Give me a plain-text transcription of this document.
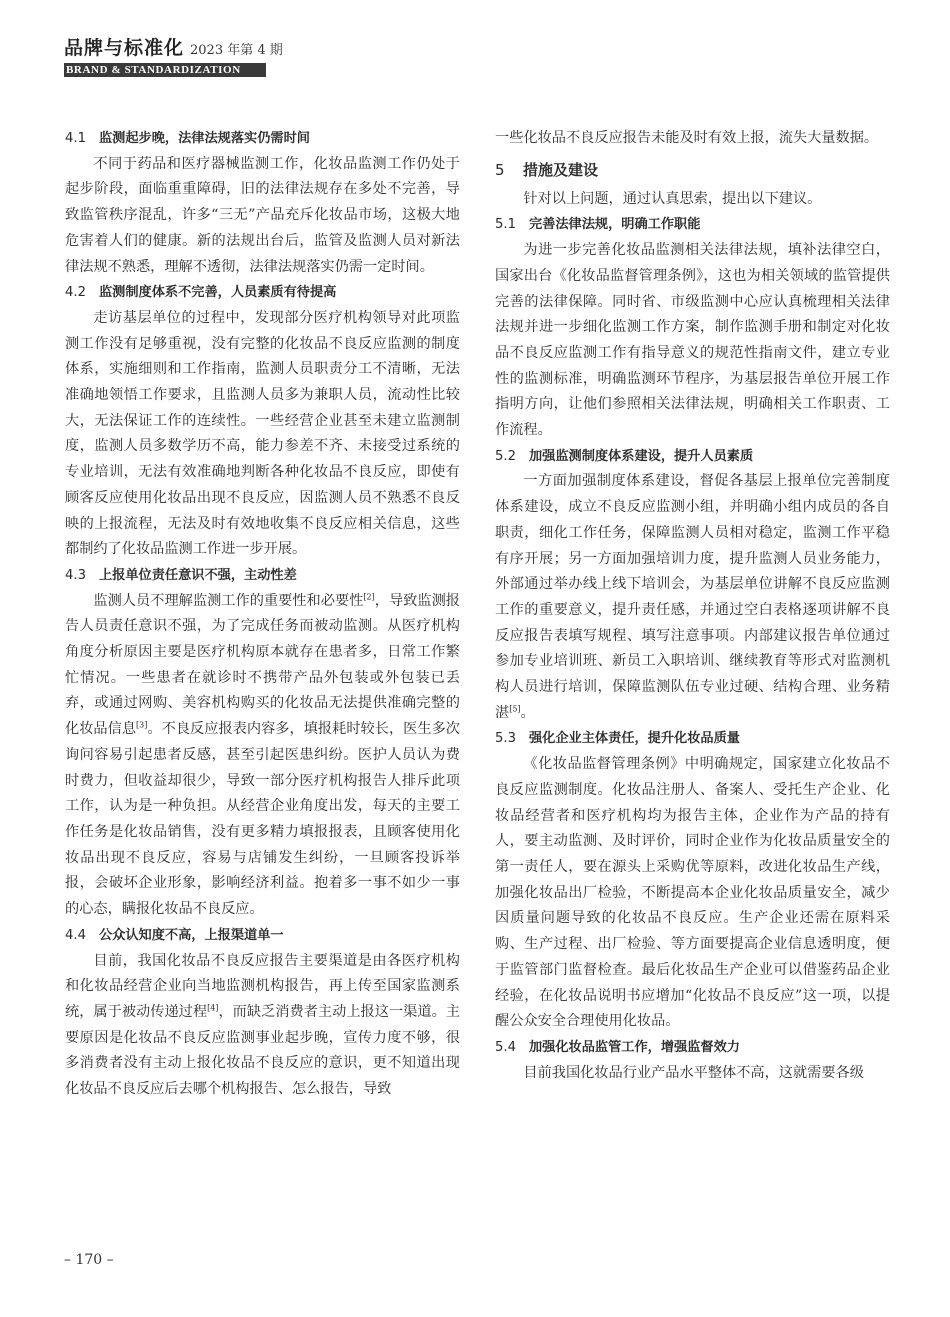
品牌与标准化 2023 年第 4 期
BRAND & STANDARDIZATION
4.1 监测起步晚，法律法规落实仍需时间

不同于药品和医疗器械监测工作，化妆品监测工作仍处于起步阶段，面临重重障碍，旧的法律法规存在多处不完善，导致监管秩序混乱，许多“三无”产品充斥化妆品市场，这极大地危害着人们的健康。新的法规出台后，监管及监测人员对新法律法规不熟悉，理解不透彻，法律法规落实仍需一定时间。

4.2 监测制度体系不完善，人员素质有待提高

走访基层单位的过程中，发现部分医疗机构领导对此项监测工作没有足够重视，没有完整的化妆品不良反应监测的制度体系，实施细则和工作指南，监测人员职责分工不清晰，无法准确地领悟工作要求，且监测人员多为兼职人员，流动性比较大，无法保证工作的连续性。一些经营企业甚至未建立监测制度，监测人员多数学历不高，能力参差不齐、未接受过系统的专业培训，无法有效准确地判断各种化妆品不良反应，即使有顾客反应使用化妆品出现不良反应，因监测人员不熟悉不良反映的上报流程，无法及时有效地收集不良反应相关信息，这些都制约了化妆品监测工作进一步开展。

4.3 上报单位责任意识不强，主动性差

监测人员不理解监测工作的重要性和必要性[2]，导致监测报告人员责任意识不强，为了完成任务而被动监测。从医疗机构角度分析原因主要是医疗机构原本就存在患者多，日常工作繁忙情况。一些患者在就诊时不携带产品外包装或外包装已丢弃，或通过网购、美容机构购买的化妆品无法提供准确完整的化妆品信息[3]。不良反应报表内容多，填报耗时较长，医生多次询问容易引起患者反感，甚至引起医患纠纷。医护人员认为费时费力，但收益却很少，导致一部分医疗机构报告人排斥此项工作，认为是一种负担。从经营企业角度出发，每天的主要工作任务是化妆品销售，没有更多精力填报报表，且顾客使用化妆品出现不良反应，容易与店铺发生纠纷，一旦顾客投诉举报，会破坏企业形象，影响经济利益。抱着多一事不如少一事的心态，瞒报化妆品不良反应。

4.4 公众认知度不高，上报渠道单一

目前，我国化妆品不良反应报告主要渠道是由各医疗机构和化妆品经营企业向当地监测机构报告，再上传至国家监测系统，属于被动传递过程[4]，而缺乏消费者主动上报这一渠道。主要原因是化妆品不良反应监测事业起步晚，宣传力度不够，很多消费者没有主动上报化妆品不良反应的意识，更不知道出现化妆品不良反应后去哪个机构报告、怎么报告，导致

一些化妆品不良反应报告未能及时有效上报，流失大量数据。

5 措施及建设

针对以上问题，通过认真思索，提出以下建议。

5.1 完善法律法规，明确工作职能

为进一步完善化妆品监测相关法律法规，填补法律空白，国家出台《化妆品监督管理条例》，这也为相关领域的监管提供完善的法律保障。同时省、市级监测中心应认真梳理相关法律法规并进一步细化监测工作方案，制作监测手册和制定对化妆品不良反应监测工作有指导意义的规范性指南文件，建立专业性的监测标准，明确监测环节程序，为基层报告单位开展工作指明方向，让他们参照相关法律法规，明确相关工作职责、工作流程。

5.2 加强监测制度体系建设，提升人员素质

一方面加强制度体系建设，督促各基层上报单位完善制度体系建设，成立不良反应监测小组，并明确小组内成员的各自职责，细化工作任务，保障监测人员相对稳定，监测工作平稳有序开展；另一方面加强培训力度，提升监测人员业务能力，外部通过举办线上线下培训会，为基层单位讲解不良反应监测工作的重要意义，提升责任感，并通过空白表格逐项讲解不良反应报告表填写规程、填写注意事项。内部建议报告单位通过参加专业培训班、新员工入职培训、继续教育等形式对监测机构人员进行培训，保障监测队伍专业过硬、结构合理、业务精湛[5]。

5.3 强化企业主体责任，提升化妆品质量

《化妆品监督管理条例》中明确规定，国家建立化妆品不良反应监测制度。化妆品注册人、备案人、受托生产企业、化妆品经营者和医疗机构均为报告主体，企业作为产品的持有人，要主动监测、及时评价，同时企业作为化妆品质量安全的第一责任人，要在源头上采购优等原料，改进化妆品生产线，加强化妆品出厂检验，不断提高本企业化妆品质量安全，减少因质量问题导致的化妆品不良反应。生产企业还需在原料采购、生产过程、出厂检验、等方面要提高企业信息透明度，便于监管部门监督检查。最后化妆品生产企业可以借鉴药品企业经验，在化妆品说明书应增加“化妆品不良反应”这一项，以提醒公众安全合理使用化妆品。

5.4 加强化妆品监管工作，增强监督效力

目前我国化妆品行业产品水平整体不高，这就需要各级

– 170 –
